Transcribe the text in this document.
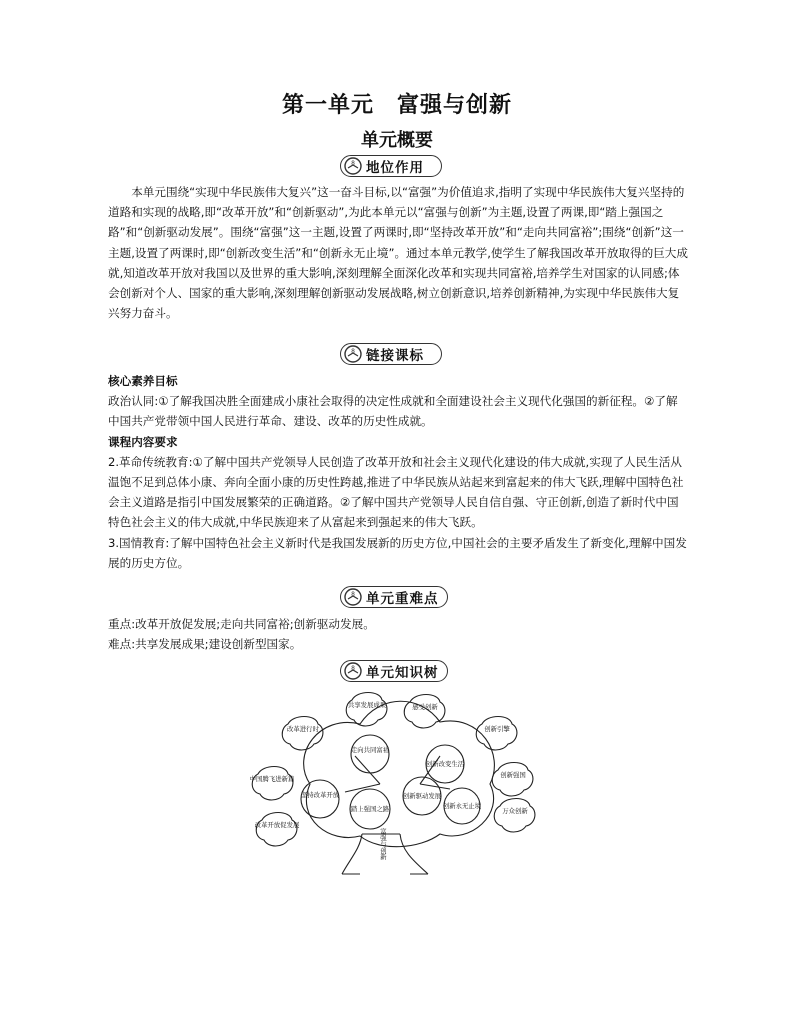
第一单元　富强与创新
单元概要
8 地位作用

本单元围绕“实现中华民族伟大复兴”这一奋斗目标,以“富强”为价值追求,指明了实现中华民族伟大复兴坚持的道路和实现的战略,即“改革开放”和“创新驱动”,为此本单元以“富强与创新”为主题,设置了两课,即“踏上强国之路”和“创新驱动发展”。围绕“富强”这一主题,设置了两课时,即“坚持改革开放”和“走向共同富裕”;围绕“创新”这一主题,设置了两课时,即“创新改变生活”和“创新永无止境”。通过本单元教学,使学生了解我国改革开放取得的巨大成就,知道改革开放对我国以及世界的重大影响,深刻理解全面深化改革和实现共同富裕,培养学生对国家的认同感;体会创新对个人、国家的重大影响,深刻理解创新驱动发展战略,树立创新意识,培养创新精神,为实现中华民族伟大复兴努力奋斗。

8 链接课标

核心素养目标

政治认同:①了解我国决胜全面建成小康社会取得的决定性成就和全面建设社会主义现代化强国的新征程。②了解中国共产党带领中国人民进行革命、建设、改革的历史性成就。

课程内容要求

2.革命传统教育:①了解中国共产党领导人民创造了改革开放和社会主义现代化建设的伟大成就,实现了人民生活从温饱不足到总体小康、奔向全面小康的历史性跨越,推进了中华民族从站起来到富起来的伟大飞跃,理解中国特色社会主义道路是指引中国发展繁荣的正确道路。②了解中国共产党领导人民自信自强、守正创新,创造了新时代中国特色社会主义的伟大成就,中华民族迎来了从富起来到强起来的伟大飞跃。

3.国情教育:了解中国特色社会主义新时代是我国发展新的历史方位,中国社会的主要矛盾发生了新变化,理解中国发展的历史方位。

8 单元重难点

重点:改革开放促发展;走向共同富裕;创新驱动发展。

难点:共享发展成果;建设创新型国家。

8 单元知识树
走向共同富裕
坚持改革开放
踏上强国之路
创新驱动发展
创新改变生活
创新永无止境
共享发展成果
改革进行时
中国腾飞进新篇
改革开放促发展
感受创新
创新引擎
创新强国
万众创新
富强与创新
